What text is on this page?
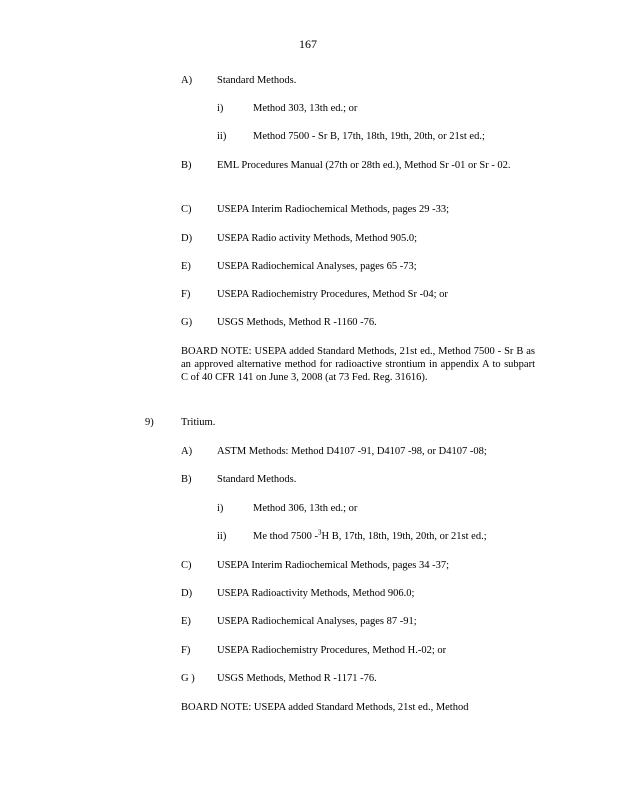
167
A) Standard Methods.
i)	Method 303, 13th ed.; or
ii)	Method 7500 - Sr B, 17th, 18th, 19th, 20th, or 21st ed.;
B) EML Procedures Manual (27th or 28th ed.), Method Sr -01 or Sr - 02.
C) USEPA Interim Radiochemical Methods, pages 29 -33;
D) USEPA Radio activity Methods, Method 905.0;
E) USEPA Radiochemical Analyses, pages 65 -73;
F)	USEPA Radiochemistry Procedures, Method Sr -04; or
G) USGS Methods, Method R -1160 -76.
BOARD NOTE: USEPA added Standard Methods, 21st ed., Method 7500 - Sr B as an approved alternative method for radioactive strontium in appendix A to subpart C of 40 CFR 141 on June 3, 2008 (at 73 Fed. Reg. 31616).
9)	Tritium.
A) ASTM Methods: Method D4107 -91, D4107 -98, or D4107 -08;
B) Standard Methods.
i)	Method 306, 13th ed.; or
ii)	Me thod 7500 -$^3$H B, 17th, 18th, 19th, 20th, or 21st ed.;
C) USEPA Interim Radiochemical Methods, pages 34 -37;
D) USEPA Radioactivity Methods, Method 906.0;
E) USEPA Radiochemical Analyses, pages 87 -91;
F)	USEPA Radiochemistry Procedures, Method H.-02; or
G ) USGS Methods, Method R -1171 -76.
BOARD NOTE: USEPA added Standard Methods, 21st ed., Method
